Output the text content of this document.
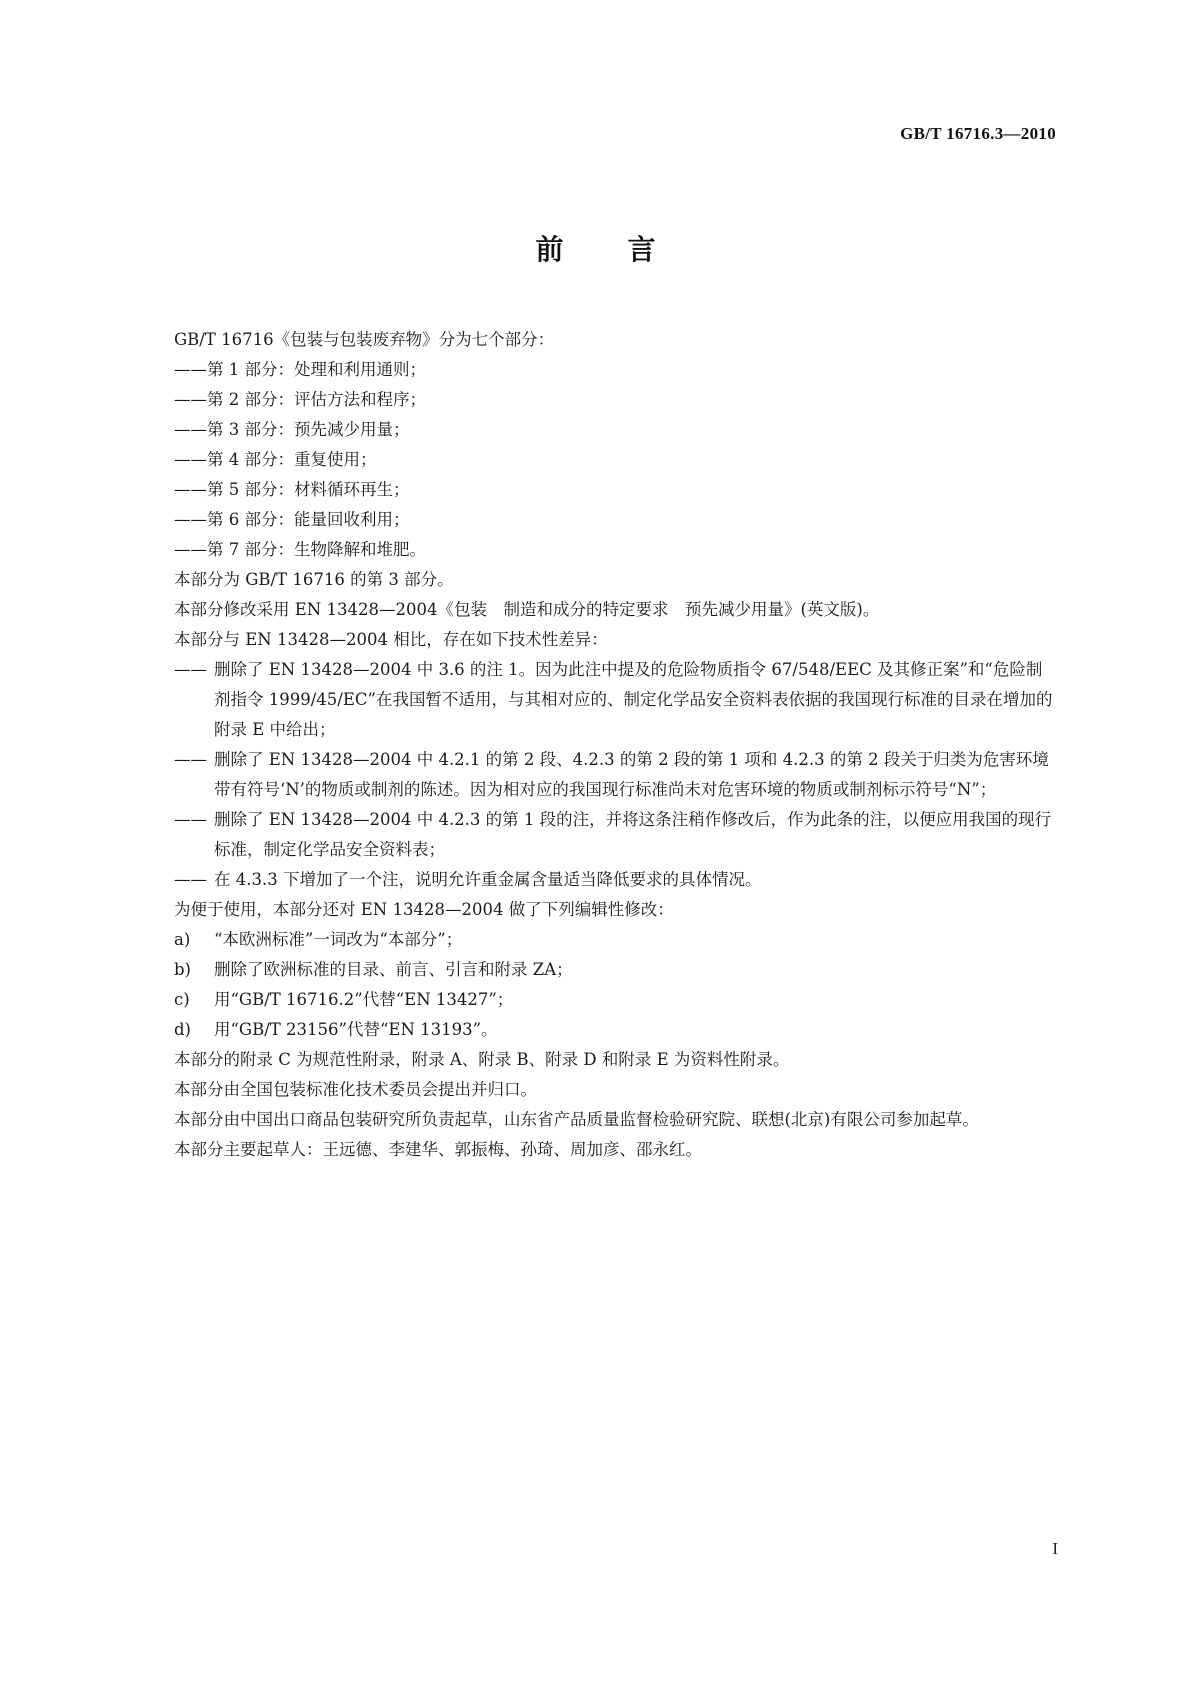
GB/T 16716.3—2010
前言

GB/T 16716《包装与包装废弃物》分为七个部分：

——第 1 部分：处理和利用通则；

——第 2 部分：评估方法和程序；

——第 3 部分：预先减少用量；

——第 4 部分：重复使用；

——第 5 部分：材料循环再生；

——第 6 部分：能量回收利用；

——第 7 部分：生物降解和堆肥。

本部分为 GB/T 16716 的第 3 部分。

本部分修改采用 EN 13428—2004《包装　制造和成分的特定要求　预先减少用量》(英文版)。

本部分与 EN 13428—2004 相比，存在如下技术性差异：

—— 删除了 EN 13428—2004 中 3.6 的注 1。因为此注中提及的危险物质指令 67/548/EEC 及其修正案”和“危险制剂指令 1999/45/EC”在我国暂不适用，与其相对应的、制定化学品安全资料表依据的我国现行标准的目录在增加的附录 E 中给出；

—— 删除了 EN 13428—2004 中 4.2.1 的第 2 段、4.2.3 的第 2 段的第 1 项和 4.2.3 的第 2 段关于归类为危害环境带有符号‘N’的物质或制剂的陈述。因为相对应的我国现行标准尚未对危害环境的物质或制剂标示符号“N”；

—— 删除了 EN 13428—2004 中 4.2.3 的第 1 段的注，并将这条注稍作修改后，作为此条的注，以便应用我国的现行标准，制定化学品安全资料表；

—— 在 4.3.3 下增加了一个注，说明允许重金属含量适当降低要求的具体情况。

为便于使用，本部分还对 EN 13428—2004 做了下列编辑性修改：

a) “本欧洲标准”一词改为“本部分”；

b) 删除了欧洲标准的目录、前言、引言和附录 ZA；

c) 用“GB/T 16716.2”代替“EN 13427”；

d) 用“GB/T 23156”代替“EN 13193”。

本部分的附录 C 为规范性附录，附录 A、附录 B、附录 D 和附录 E 为资料性附录。

本部分由全国包装标准化技术委员会提出并归口。

本部分由中国出口商品包装研究所负责起草，山东省产品质量监督检验研究院、联想(北京)有限公司参加起草。

本部分主要起草人：王远德、李建华、郭振梅、孙琦、周加彦、邵永红。

I
